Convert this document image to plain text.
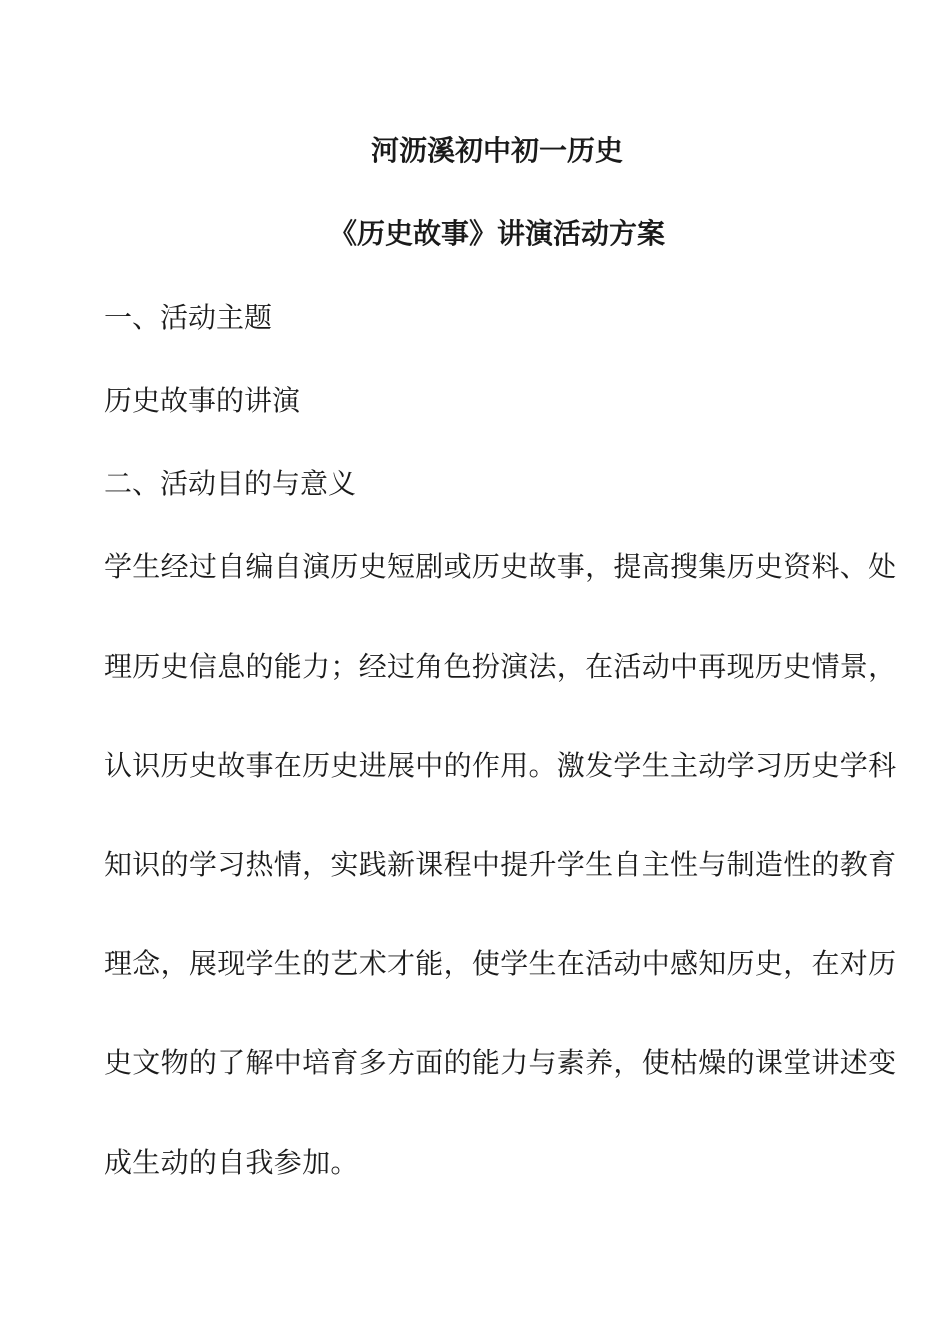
河沥溪初中初一历史
《历史故事》讲演活动方案
一、活动主题
历史故事的讲演
二、活动目的与意义
学生经过自编自演历史短剧或历史故事，提高搜集历史资料、处
理历史信息的能力；经过角色扮演法，在活动中再现历史情景，
认识历史故事在历史进展中的作用。激发学生主动学习历史学科
知识的学习热情，实践新课程中提升学生自主性与制造性的教育
理念，展现学生的艺术才能，使学生在活动中感知历史，在对历
史文物的了解中培育多方面的能力与素养，使枯燥的课堂讲述变
成生动的自我参加。
